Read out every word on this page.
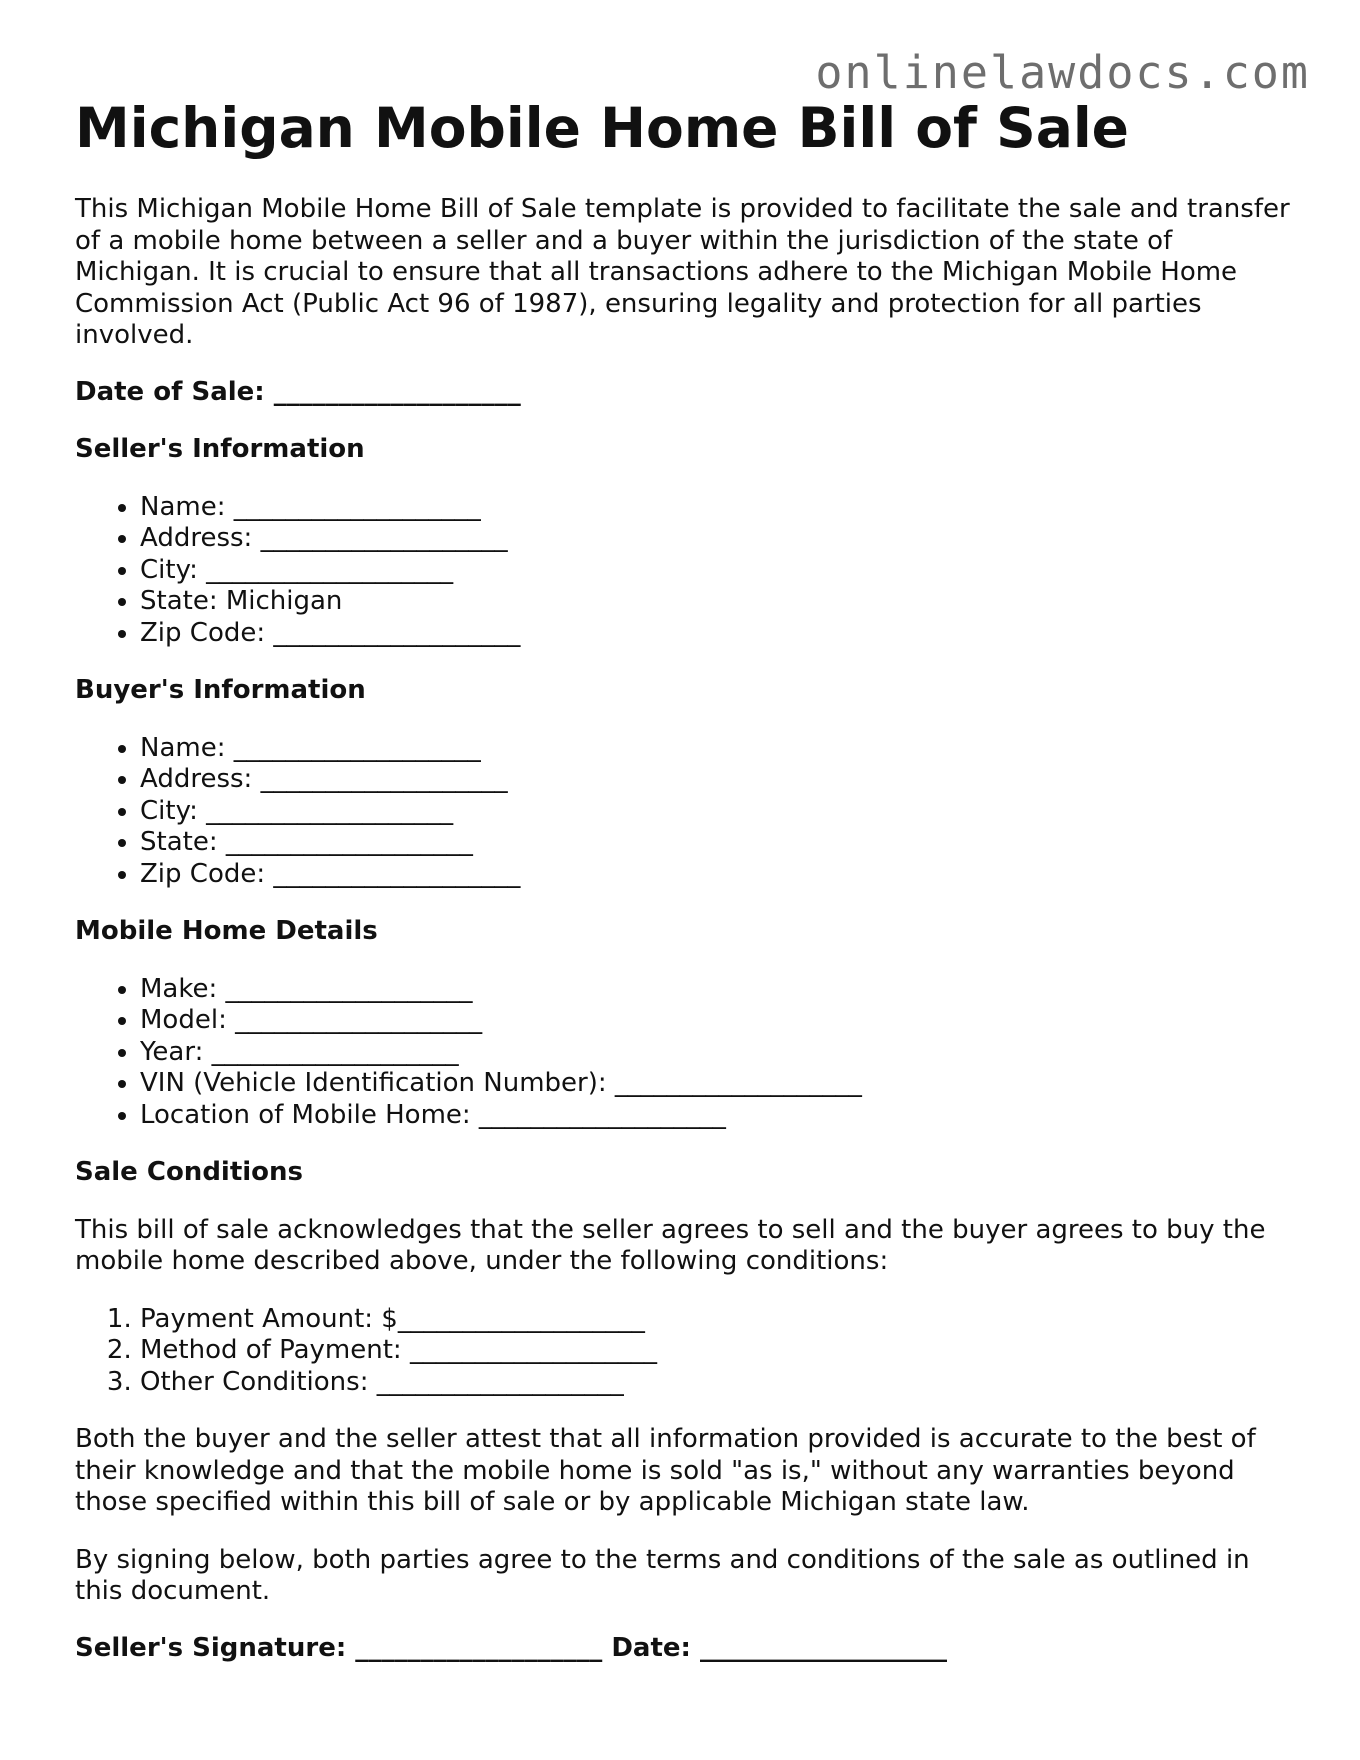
onlinelawdocs.com
Michigan Mobile Home Bill of Sale

This Michigan Mobile Home Bill of Sale template is provided to facilitate the sale and transfer of a mobile home between a seller and a buyer within the jurisdiction of the state of Michigan. It is crucial to ensure that all transactions adhere to the Michigan Mobile Home Commission Act (Public Act 96 of 1987), ensuring legality and protection for all parties involved.

Date of Sale: ___________________

Seller's Information
• Name: ___________________
• Address: ___________________
• City: ___________________
• State: Michigan
• Zip Code: ___________________
Buyer's Information
• Name: ___________________
• Address: ___________________
• City: ___________________
• State: ___________________
• Zip Code: ___________________
Mobile Home Details
• Make: ___________________
• Model: ___________________
• Year: ___________________
• VIN (Vehicle Identification Number): ___________________
• Location of Mobile Home: ___________________
Sale Conditions

This bill of sale acknowledges that the seller agrees to sell and the buyer agrees to buy the mobile home described above, under the following conditions:

1. Payment Amount: $___________________
2. Method of Payment: ___________________
3. Other Conditions: ___________________

Both the buyer and the seller attest that all information provided is accurate to the best of their knowledge and that the mobile home is sold "as is," without any warranties beyond those specified within this bill of sale or by applicable Michigan state law.

By signing below, both parties agree to the terms and conditions of the sale as outlined in this document.

Seller's Signature: ___________________ Date: ___________________
